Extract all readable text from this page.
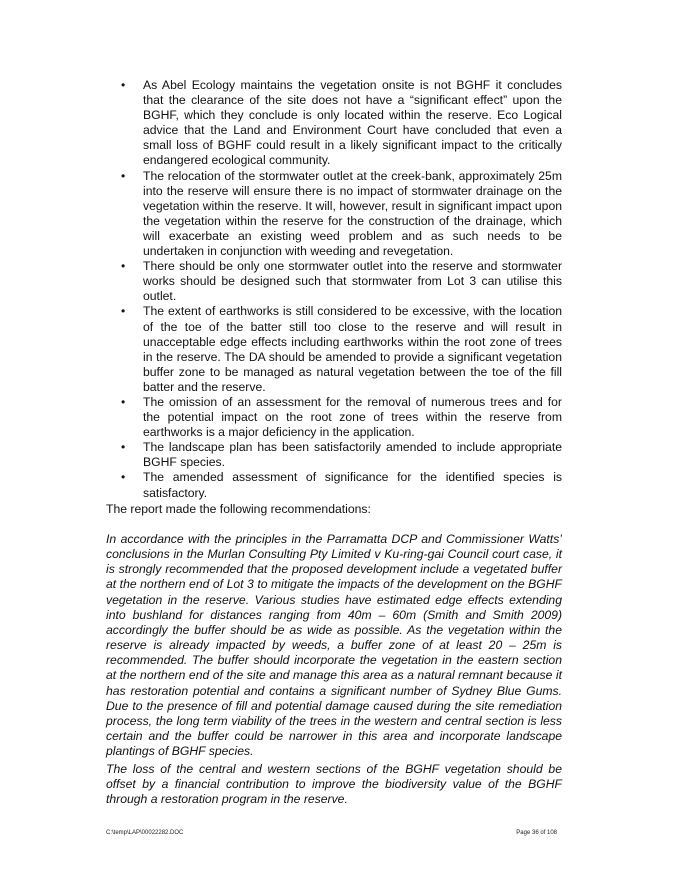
• As Abel Ecology maintains the vegetation onsite is not BGHF it concludes that the clearance of the site does not have a “significant effect” upon the BGHF, which they conclude is only located within the reserve. Eco Logical advice that the Land and Environment Court have concluded that even a small loss of BGHF could result in a likely significant impact to the critically endangered ecological community.
• The relocation of the stormwater outlet at the creek-bank, approximately 25m into the reserve will ensure there is no impact of stormwater drainage on the vegetation within the reserve. It will, however, result in significant impact upon the vegetation within the reserve for the construction of the drainage, which will exacerbate an existing weed problem and as such needs to be undertaken in conjunction with weeding and revegetation.
• There should be only one stormwater outlet into the reserve and stormwater works should be designed such that stormwater from Lot 3 can utilise this outlet.
• The extent of earthworks is still considered to be excessive, with the location of the toe of the batter still too close to the reserve and will result in unacceptable edge effects including earthworks within the root zone of trees in the reserve. The DA should be amended to provide a significant vegetation buffer zone to be managed as natural vegetation between the toe of the fill batter and the reserve.
• The omission of an assessment for the removal of numerous trees and for the potential impact on the root zone of trees within the reserve from earthworks is a major deficiency in the application.
• The landscape plan has been satisfactorily amended to include appropriate BGHF species.
• The amended assessment of significance for the identified species is satisfactory.

The report made the following recommendations:

In accordance with the principles in the Parramatta DCP and Commissioner Watts’ conclusions in the Murlan Consulting Pty Limited v Ku-ring-gai Council court case, it is strongly recommended that the proposed development include a vegetated buffer at the northern end of Lot 3 to mitigate the impacts of the development on the BGHF vegetation in the reserve. Various studies have estimated edge effects extending into bushland for distances ranging from 40m – 60m (Smith and Smith 2009) accordingly the buffer should be as wide as possible. As the vegetation within the reserve is already impacted by weeds, a buffer zone of at least 20 – 25m is recommended. The buffer should incorporate the vegetation in the eastern section at the northern end of the site and manage this area as a natural remnant because it has restoration potential and contains a significant number of Sydney Blue Gums. Due to the presence of fill and potential damage caused during the site remediation process, the long term viability of the trees in the western and central section is less certain and the buffer could be narrower in this area and incorporate landscape plantings of BGHF species.

The loss of the central and western sections of the BGHF vegetation should be offset by a financial contribution to improve the biodiversity value of the BGHF through a restoration program in the reserve.

C:\temp\LAP\00022282.DOC	Page 36 of 108
